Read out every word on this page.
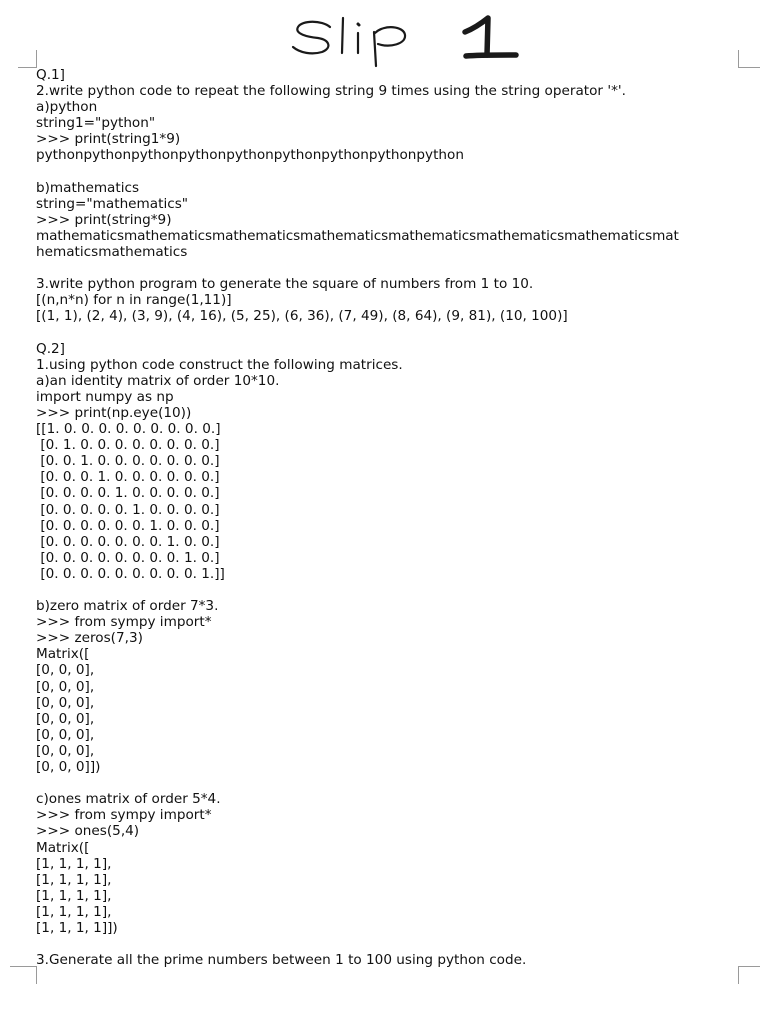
Q.1]
2.write python code to repeat the following string 9 times using the string operator '*'.
a)python
string1="python"
>>> print(string1*9)
pythonpythonpythonpythonpythonpythonpythonpythonpython
b)mathematics
string="mathematics"
>>> print(string*9)
mathematicsmathematicsmathematicsmathematicsmathematicsmathematicsmathematicsmat
hematicsmathematics
3.write python program to generate the square of numbers from 1 to 10.
[(n,n*n) for n in range(1,11)]
[(1, 1), (2, 4), (3, 9), (4, 16), (5, 25), (6, 36), (7, 49), (8, 64), (9, 81), (10, 100)]
Q.2]
1.using python code construct the following matrices.
a)an identity matrix of order 10*10.
import numpy as np
>>> print(np.eye(10))
[[1. 0. 0. 0. 0. 0. 0. 0. 0. 0.]
[0. 1. 0. 0. 0. 0. 0. 0. 0. 0.]
[0. 0. 1. 0. 0. 0. 0. 0. 0. 0.]
[0. 0. 0. 1. 0. 0. 0. 0. 0. 0.]
[0. 0. 0. 0. 1. 0. 0. 0. 0. 0.]
[0. 0. 0. 0. 0. 1. 0. 0. 0. 0.]
[0. 0. 0. 0. 0. 0. 1. 0. 0. 0.]
[0. 0. 0. 0. 0. 0. 0. 1. 0. 0.]
[0. 0. 0. 0. 0. 0. 0. 0. 1. 0.]
[0. 0. 0. 0. 0. 0. 0. 0. 0. 1.]]
b)zero matrix of order 7*3.
>>> from sympy import*
>>> zeros(7,3)
Matrix([
[0, 0, 0],
[0, 0, 0],
[0, 0, 0],
[0, 0, 0],
[0, 0, 0],
[0, 0, 0],
[0, 0, 0]])
c)ones matrix of order 5*4.
>>> from sympy import*
>>> ones(5,4)
Matrix([
[1, 1, 1, 1],
[1, 1, 1, 1],
[1, 1, 1, 1],
[1, 1, 1, 1],
[1, 1, 1, 1]])
3.Generate all the prime numbers between 1 to 100 using python code.
